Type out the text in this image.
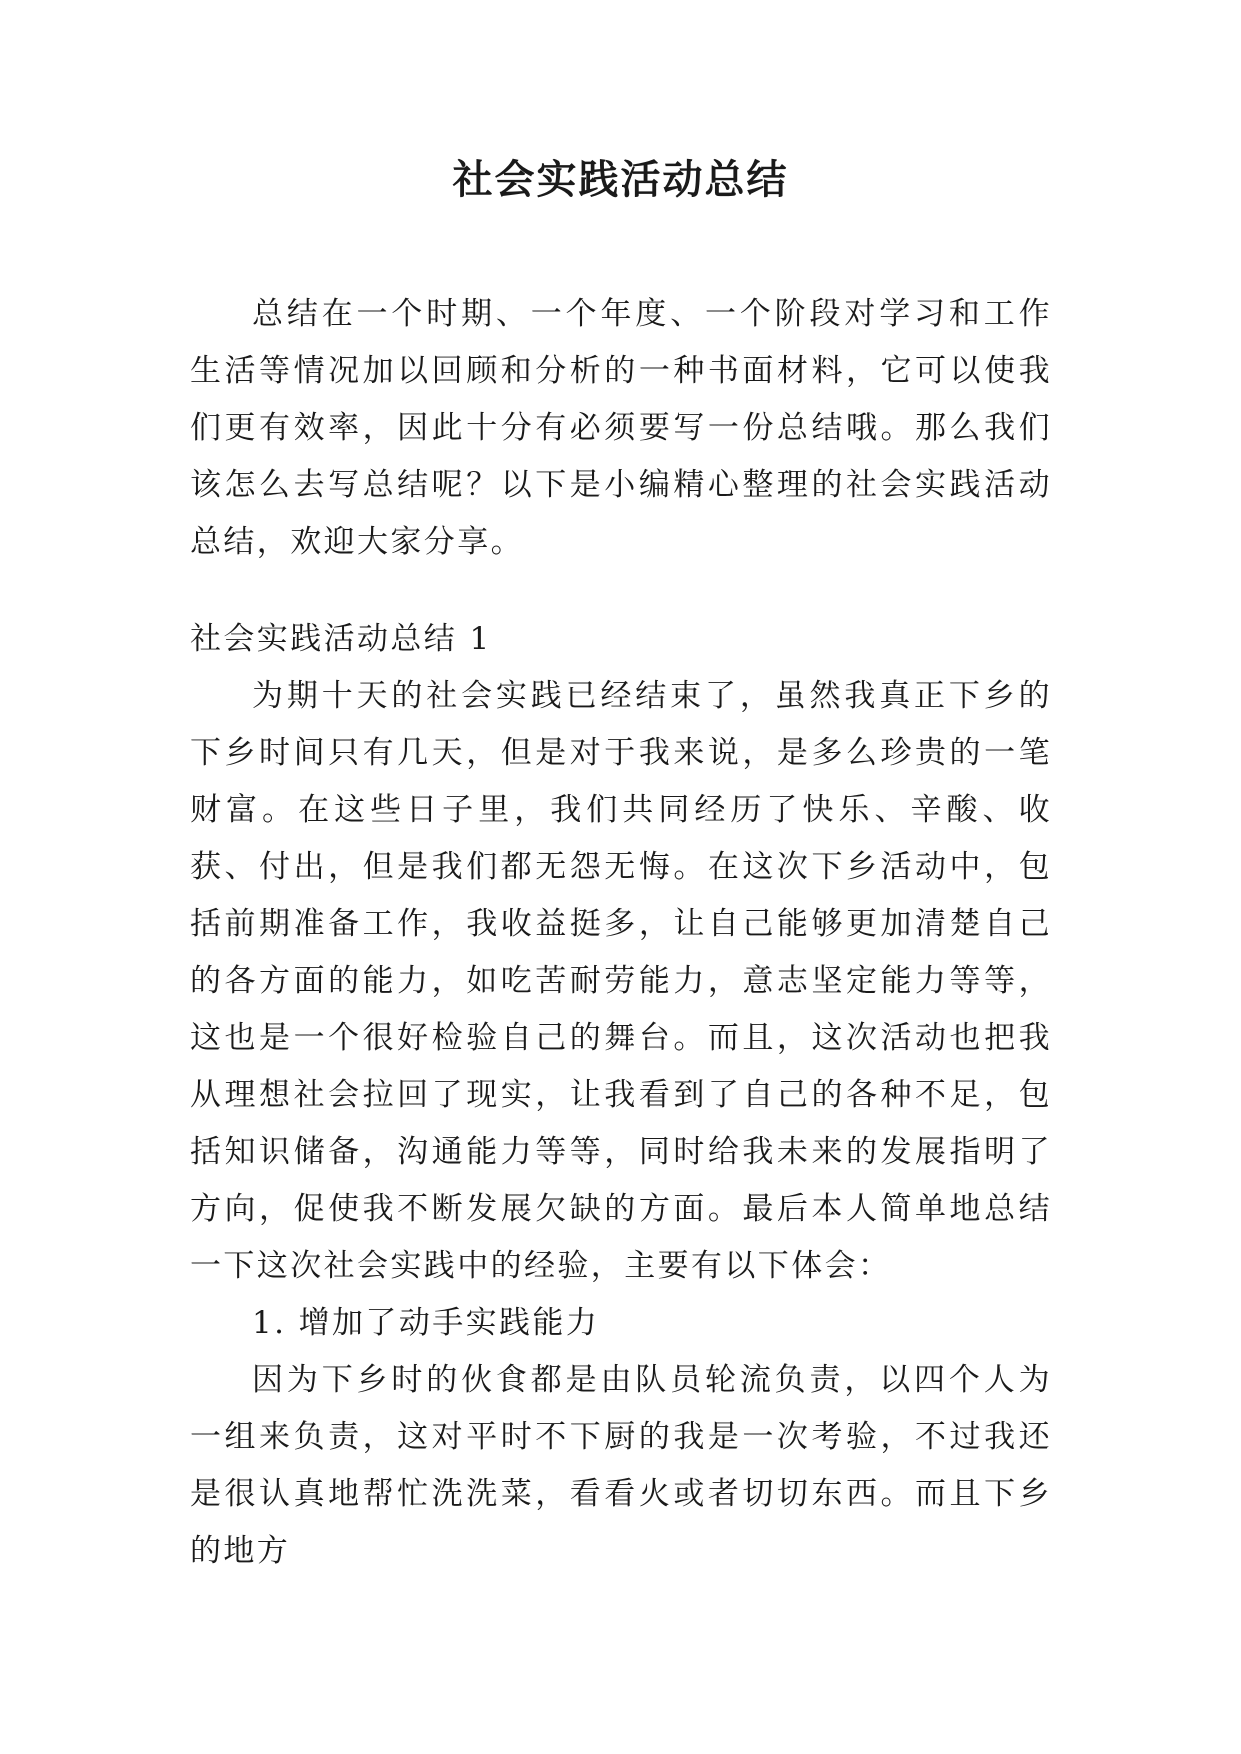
社会实践活动总结

总结在一个时期、一个年度、一个阶段对学习和工作生活等情况加以回顾和分析的一种书面材料，它可以使我们更有效率，因此十分有必须要写一份总结哦。那么我们该怎么去写总结呢？以下是小编精心整理的社会实践活动总结，欢迎大家分享。

社会实践活动总结 1

为期十天的社会实践已经结束了，虽然我真正下乡的下乡时间只有几天，但是对于我来说，是多么珍贵的一笔财富。在这些日子里，我们共同经历了快乐、辛酸、收获、付出，但是我们都无怨无悔。在这次下乡活动中，包括前期准备工作，我收益挺多，让自己能够更加清楚自己的各方面的能力，如吃苦耐劳能力，意志坚定能力等等，这也是一个很好检验自己的舞台。而且，这次活动也把我从理想社会拉回了现实，让我看到了自己的各种不足，包括知识储备，沟通能力等等，同时给我未来的发展指明了方向，促使我不断发展欠缺的方面。最后本人简单地总结一下这次社会实践中的经验，主要有以下体会：

1. 增加了动手实践能力

因为下乡时的伙食都是由队员轮流负责，以四个人为一组来负责，这对平时不下厨的我是一次考验，不过我还是很认真地帮忙洗洗菜，看看火或者切切东西。而且下乡的地方
